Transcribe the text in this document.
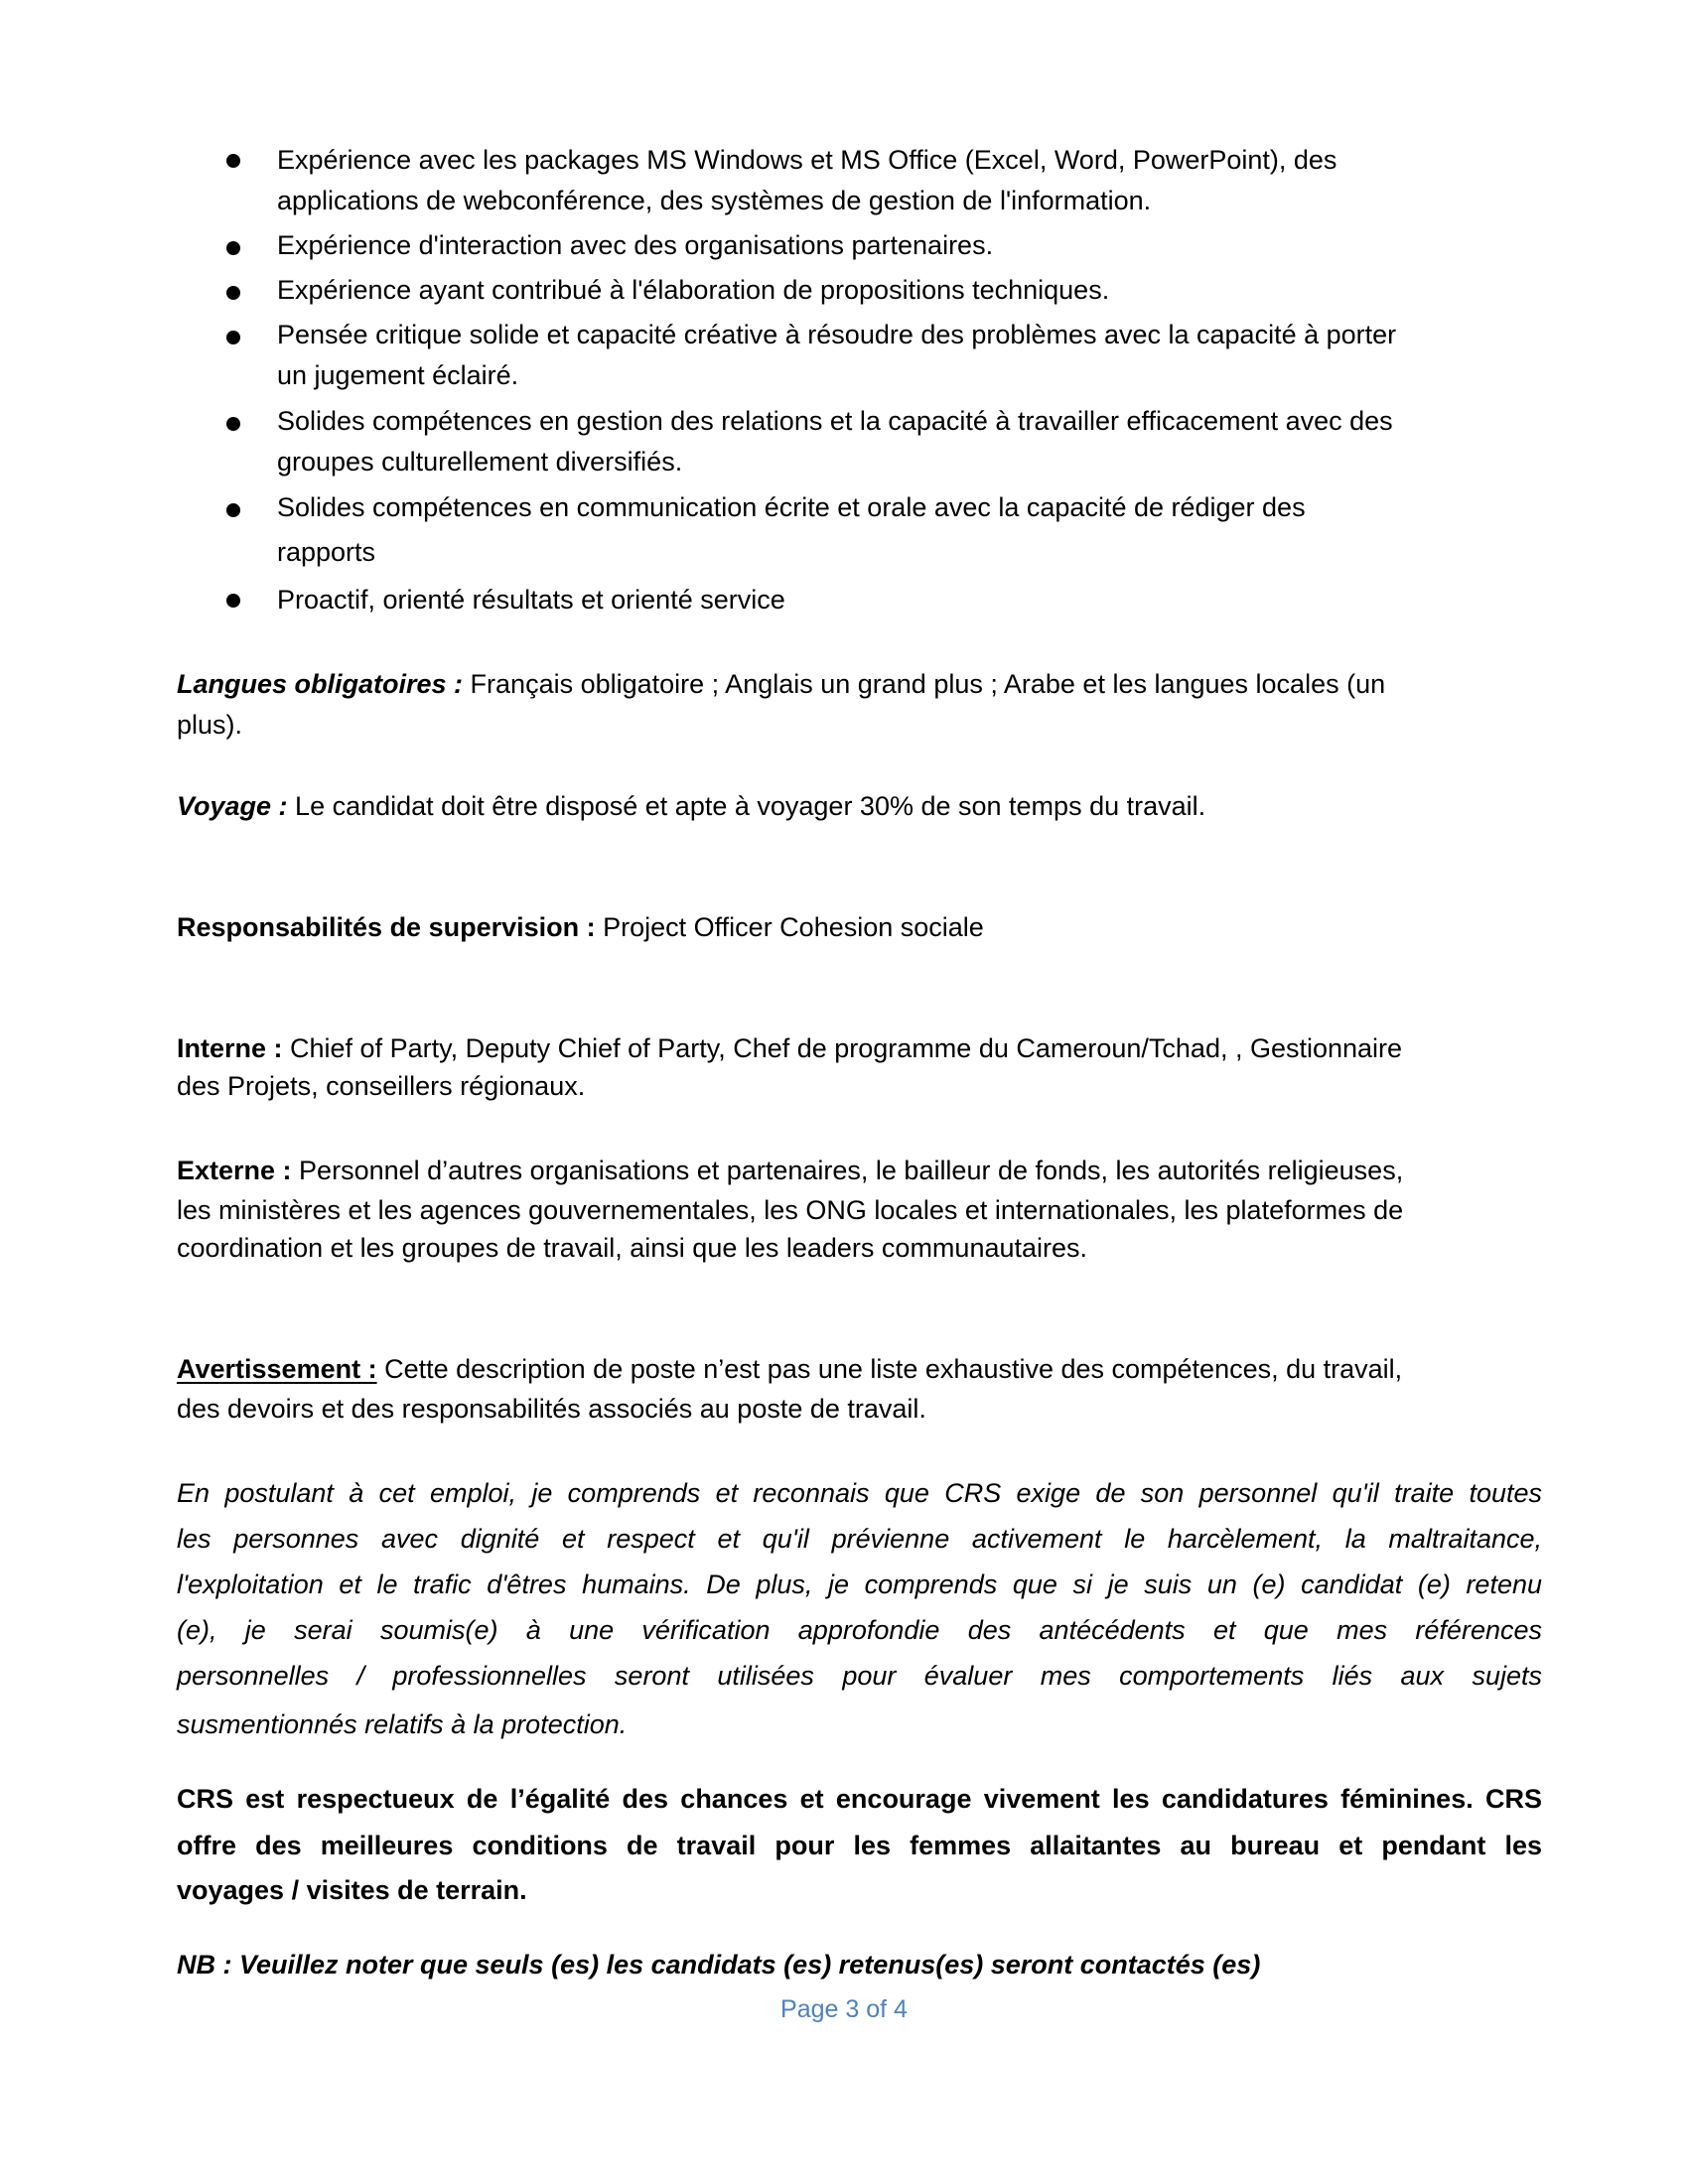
Expérience avec les packages MS Windows et MS Office (Excel, Word, PowerPoint), des
applications de webconférence, des systèmes de gestion de l'information.
Expérience d'interaction avec des organisations partenaires.
Expérience ayant contribué à l'élaboration de propositions techniques.
Pensée critique solide et capacité créative à résoudre des problèmes avec la capacité à porter
un jugement éclairé.
Solides compétences en gestion des relations et la capacité à travailler efficacement avec des
groupes culturellement diversifiés.
Solides compétences en communication écrite et orale avec la capacité de rédiger des
rapports
Proactif, orienté résultats et orienté service
Langues obligatoires : Français obligatoire ; Anglais un grand plus ; Arabe et les langues locales (un
plus).
Voyage : Le candidat doit être disposé et apte à voyager 30% de son temps du travail.
Responsabilités de supervision : Project Officer Cohesion sociale
Interne : Chief of Party, Deputy Chief of Party, Chef de programme du Cameroun/Tchad, , Gestionnaire
des Projets, conseillers régionaux.
Externe : Personnel d’autres organisations et partenaires, le bailleur de fonds, les autorités religieuses,
les ministères et les agences gouvernementales, les ONG locales et internationales, les plateformes de
coordination et les groupes de travail, ainsi que les leaders communautaires.
Avertissement : Cette description de poste n’est pas une liste exhaustive des compétences, du travail,
des devoirs et des responsabilités associés au poste de travail.
En postulant à cet emploi, je comprends et reconnais que CRS exige de son personnel qu'il traite toutes
les personnes avec dignité et respect et qu'il prévienne activement le harcèlement, la maltraitance,
l'exploitation et le trafic d'êtres humains. De plus, je comprends que si je suis un (e) candidat (e) retenu
(e), je serai soumis(e) à une vérification approfondie des antécédents et que mes références
personnelles / professionnelles seront utilisées pour évaluer mes comportements liés aux sujets
susmentionnés relatifs à la protection.
CRS est respectueux de l’égalité des chances et encourage vivement les candidatures féminines. CRS
offre des meilleures conditions de travail pour les femmes allaitantes au bureau et pendant les
voyages / visites de terrain.
NB : Veuillez noter que seuls (es) les candidats (es) retenus(es) seront contactés (es)
Page 3 of 4
